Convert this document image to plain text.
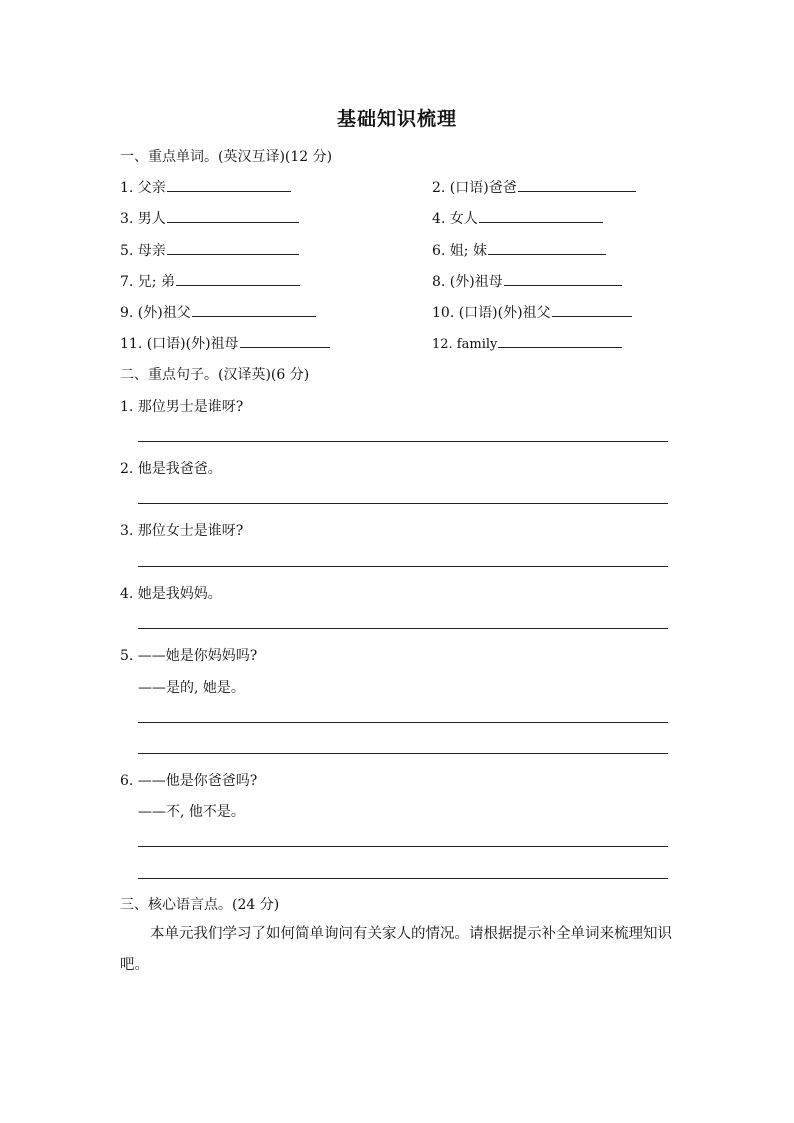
基础知识梳理
一、重点单词。(英汉互译)(12 分)
1. 父亲	2. (口语)爸爸
3. 男人	4. 女人
5. 母亲	6. 姐; 妹
7. 兄; 弟	8. (外)祖母
9. (外)祖父	10. (口语)(外)祖父
11. (口语)(外)祖母	12. family
二、重点句子。(汉译英)(6 分)
1. 那位男士是谁呀?
2. 他是我爸爸。
3. 那位女士是谁呀?
4. 她是我妈妈。
5. ——她是你妈妈吗?
——是的, 她是。
6. ——他是你爸爸吗?
——不, 他不是。
三、核心语言点。(24 分)
本单元我们学习了如何简单询问有关家人的情况。请根据提示补全单词来梳理知识吧。
